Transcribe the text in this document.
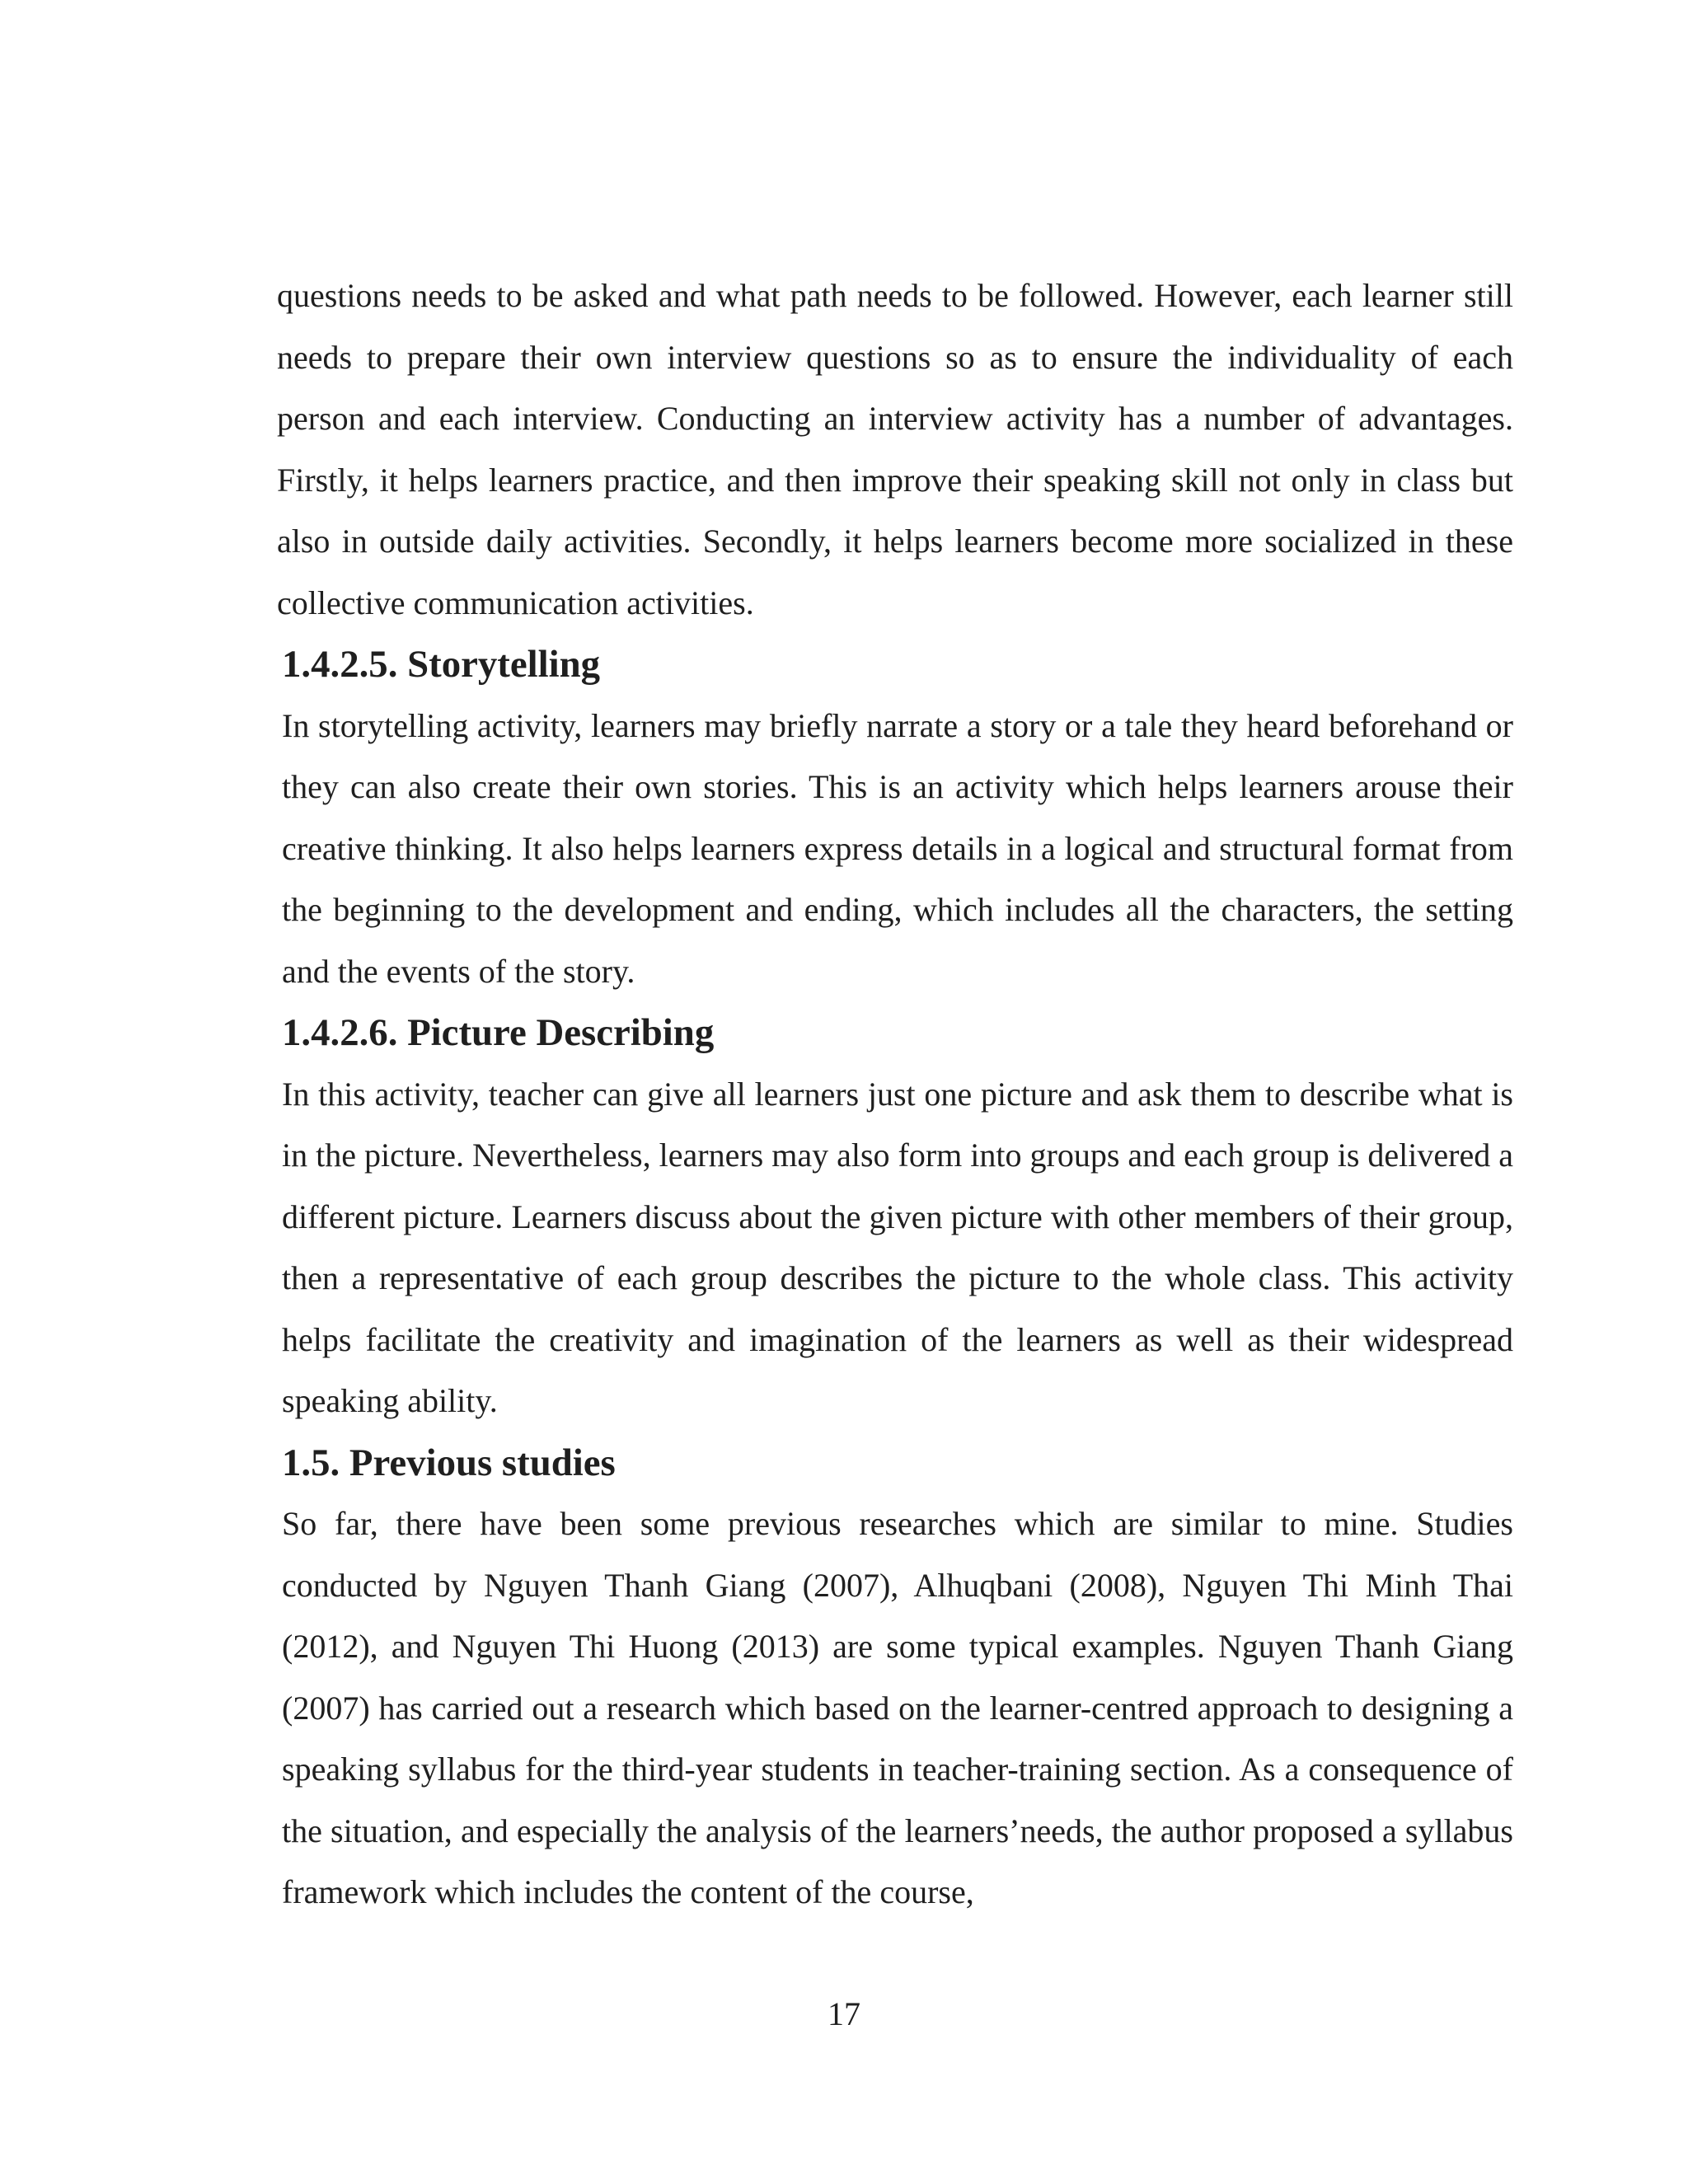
questions needs to be asked and what path needs to be followed. However, each learner still needs to prepare their own interview questions so as to ensure the individuality of each person and each interview. Conducting an interview activity has a number of advantages. Firstly, it helps learners practice, and then improve their speaking skill not only in class but also in outside daily activities. Secondly, it helps learners become more socialized in these collective communication activities.

1.4.2.5. Storytelling

In storytelling activity, learners may briefly narrate a story or a tale they heard beforehand or they can also create their own stories. This is an activity which helps learners arouse their creative thinking. It also helps learners express details in a logical and structural format from the beginning to the development and ending, which includes all the characters, the setting and the events of the story.

1.4.2.6. Picture Describing

In this activity, teacher can give all learners just one picture and ask them to describe what is in the picture. Nevertheless, learners may also form into groups and each group is delivered a different picture. Learners discuss about the given picture with other members of their group, then a representative of each group describes the picture to the whole class. This activity helps facilitate the creativity and imagination of the learners as well as their widespread speaking ability.

1.5. Previous studies

So far, there have been some previous researches which are similar to mine. Studies conducted by Nguyen Thanh Giang (2007), Alhuqbani (2008), Nguyen Thi Minh Thai (2012), and Nguyen Thi Huong (2013) are some typical examples. Nguyen Thanh Giang (2007) has carried out a research which based on the learner-centred approach to designing a speaking syllabus for the third-year students in teacher-training section. As a consequence of the situation, and especially the analysis of the learners’needs, the author proposed a syllabus framework which includes the content of the course,

17
